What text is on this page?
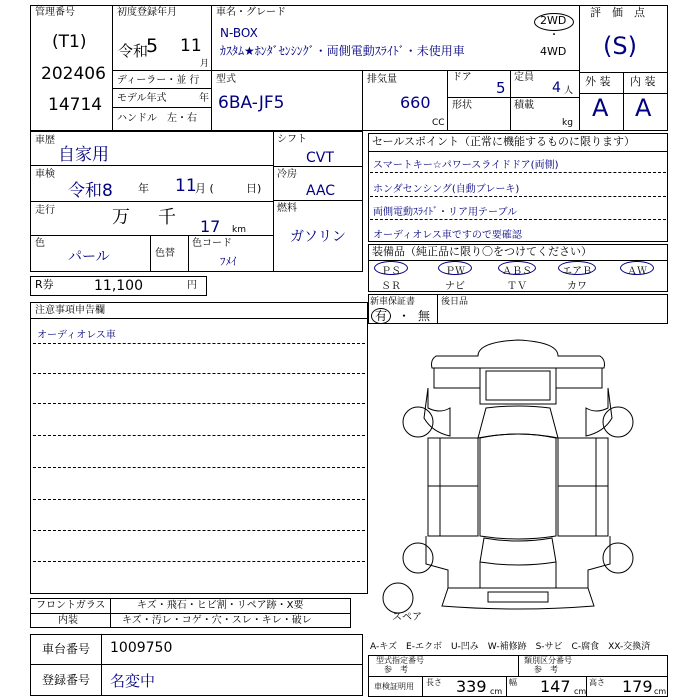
管理番号
(T1)
202406
14714
初度登録年月
令和
5 11
月
ディーラー・並 行
モデル年式	年
ハンドル　左・右
車名・グレード
N-BOX
ｶｽﾀﾑ★ﾎﾝﾀﾞｾﾝｼﾝｸﾞ・両側電動ｽﾗｲﾄﾞ・未使用車
2WD
・
4WD
型式
6BA-JF5
排気量
660
CC
ドア
5
定員
4 人
形状	積載
kg
評　価　点
(S)
外 装 内 装
A A
車歴
自家用
車検
令和8 年 11
月 (	日)
走行	万 千 17 km
色
パール	色替
色コード
ﾌﾒｲ
シフト
CVT
冷房
AAC
燃料
ガソリン
R券	11,100	円
セールスポイント（正常に機能するものに限ります）
スマートキー☆パワースライドドア(両側)
ホンダセンシング(自動ブレーキ)
両側電動ｽﾗｲﾄﾞ・リア用テーブル
オーディオレス車ですので要確認
装備品（純正品に限り〇をつけてください）
ＰＳ	ＰＷ	ＡＢＳ	エアＢ	ＡＷ
ＳＲ	ナビ	ＴＶ	カワ
新車保証書
有 ・ 無
後日品
注意事項申告欄
オーディオレス車
スペア
フロントガラス	キズ・飛石・ヒビ割・リペア跡・X要
内装	キズ・汚レ・コゲ・穴・スレ・キレ・破レ
車台番号 1009750
登録番号 名変中
A-キズ　E-エクボ　U-凹み　W-補修跡　S-サビ　C-腐食　XX-交換済
型式指定番号
参　考
類別区分番号
参　考
車検証明用 長さ 339 cm
幅 147 cm
高さ 179 cm
